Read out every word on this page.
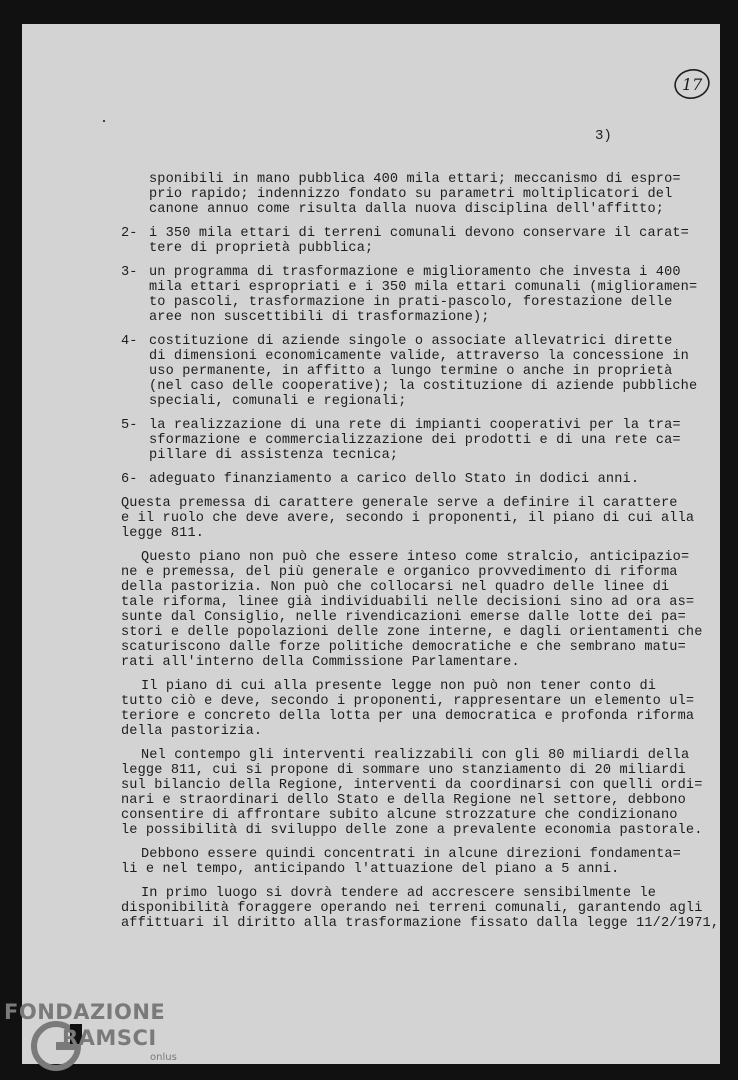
17
3)
sponibili in mano pubblica 400 mila ettari; meccanismo di espro=
prio rapido; indennizzo fondato su parametri moltiplicatori del
canone annuo come risulta dalla nuova disciplina dell'affitto;
2- i 350 mila ettari di terreni comunali devono conservare il carat=
tere di proprietà pubblica;
3- un programma di trasformazione e miglioramento che investa i 400
mila ettari espropriati e i 350 mila ettari comunali (miglioramen=
to pascoli, trasformazione in prati-pascolo, forestazione delle
aree non suscettibili di trasformazione);
4- costituzione di aziende singole o associate allevatrici dirette
di dimensioni economicamente valide, attraverso la concessione in
uso permanente, in affitto a lungo termine o anche in proprietà
(nel caso delle cooperative); la costituzione di aziende pubbliche
speciali, comunali e regionali;
5- la realizzazione di una rete di impianti cooperativi per la tra=
sformazione e commercializzazione dei prodotti e di una rete ca=
pillare di assistenza tecnica;
6- adeguato finanziamento a carico dello Stato in dodici anni.
Questa premessa di carattere generale serve a definire il carattere
e il ruolo che deve avere, secondo i proponenti, il piano di cui alla
legge 811.
Questo piano non può che essere inteso come stralcio, anticipazio=
ne e premessa, del più generale e organico provvedimento di riforma
della pastorizia. Non può che collocarsi nel quadro delle linee di
tale riforma, linee già individuabili nelle decisioni sino ad ora as=
sunte dal Consiglio, nelle rivendicazioni emerse dalle lotte dei pa=
stori e delle popolazioni delle zone interne, e dagli orientamenti che
scaturiscono dalle forze politiche democratiche e che sembrano matu=
rati all'interno della Commissione Parlamentare.
Il piano di cui alla presente legge non può non tener conto di
tutto ciò e deve, secondo i proponenti, rappresentare un elemento ul=
teriore e concreto della lotta per una democratica e profonda riforma
della pastorizia.
Nel contempo gli interventi realizzabili con gli 80 miliardi della
legge 811, cui si propone di sommare uno stanziamento di 20 miliardi
sul bilancio della Regione, interventi da coordinarsi con quelli ordi=
nari e straordinari dello Stato e della Regione nel settore, debbono
consentire di affrontare subito alcune strozzature che condizionano
le possibilità di sviluppo delle zone a prevalente economia pastorale.
Debbono essere quindi concentrati in alcune direzioni fondamenta=
li e nel tempo, anticipando l'attuazione del piano a 5 anni.
In primo luogo si dovrà tendere ad accrescere sensibilmente le
disponibilità foraggere operando nei terreni comunali, garantendo agli
affittuari il diritto alla trasformazione fissato dalla legge 11/2/1971,
FONDAZIONE
RAMSCI
onlus
